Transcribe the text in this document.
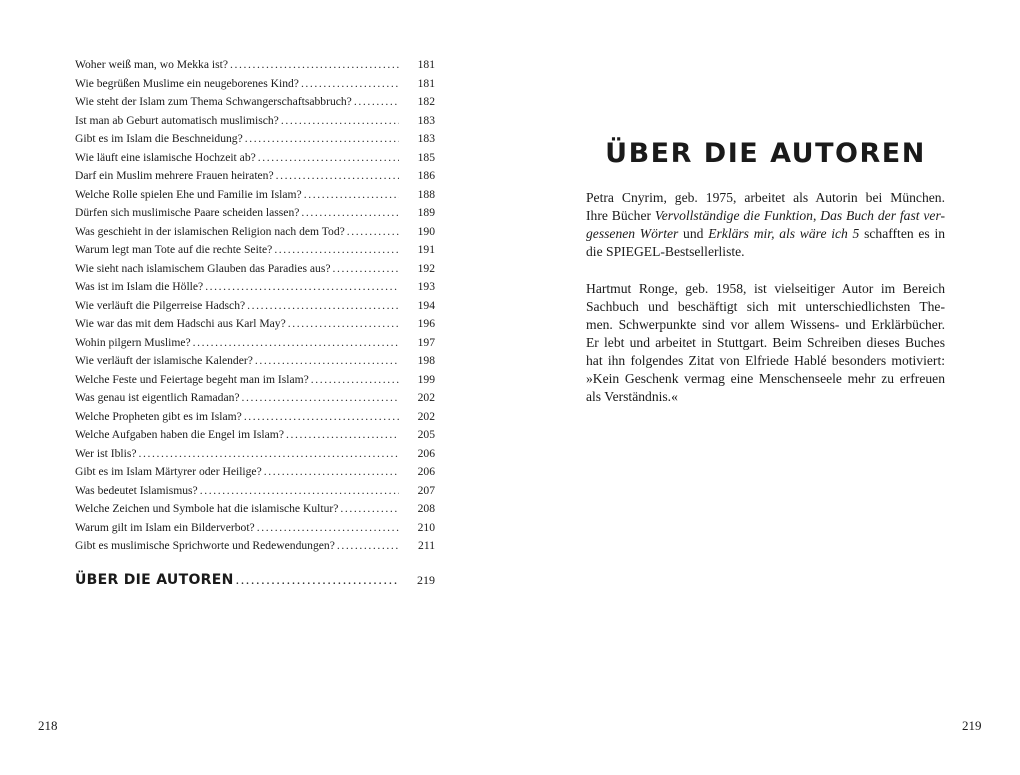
Woher weiß man, wo Mekka ist? .....	181
Wie begrüßen Muslime ein neugeborenes Kind? .....	181
Wie steht der Islam zum Thema Schwangerschaftsabbruch? .....	182
Ist man ab Geburt automatisch muslimisch? .....	183
Gibt es im Islam die Beschneidung? .....	183
Wie läuft eine islamische Hochzeit ab? .....	185
Darf ein Muslim mehrere Frauen heiraten? .....	186
Welche Rolle spielen Ehe und Familie im Islam? .....	188
Dürfen sich muslimische Paare scheiden lassen? .....	189
Was geschieht in der islamischen Religion nach dem Tod? .....	190
Warum legt man Tote auf die rechte Seite? .....	191
Wie sieht nach islamischem Glauben das Paradies aus? .....	192
Was ist im Islam die Hölle? .....	193
Wie verläuft die Pilgerreise Hadsch? .....	194
Wie war das mit dem Hadschi aus Karl May? .....	196
Wohin pilgern Muslime? .....	197
Wie verläuft der islamische Kalender? .....	198
Welche Feste und Feiertage begeht man im Islam? .....	199
Was genau ist eigentlich Ramadan? .....	202
Welche Propheten gibt es im Islam? .....	202
Welche Aufgaben haben die Engel im Islam? .....	205
Wer ist Iblis? .....	206
Gibt es im Islam Märtyrer oder Heilige? .....	206
Was bedeutet Islamismus? .....	207
Welche Zeichen und Symbole hat die islamische Kultur? .....	208
Warum gilt im Islam ein Bilderverbot? .....	210
Gibt es muslimische Sprichworte und Redewendungen? .....	211
ÜBER DIE AUTOREN .....	219
ÜBER DIE AUTOREN
Petra Cnyrim, geb. 1975, arbeitet als Autorin bei München.
Ihre Bücher Vervollständige die Funktion, Das Buch der fast ver-
gessenen Wörter und Erklärs mir, als wäre ich 5 schafften es in
die SPIEGEL-Bestsellerliste.
Hartmut Ronge, geb. 1958, ist vielseitiger Autor im Bereich
Sachbuch und beschäftigt sich mit unterschiedlichsten The-
men. Schwerpunkte sind vor allem Wissens- und Erklärbücher.
Er lebt und arbeitet in Stuttgart. Beim Schreiben dieses Buches
hat ihn folgendes Zitat von Elfriede Hablé besonders motiviert:
»Kein Geschenk vermag eine Menschenseele mehr zu erfreuen
als Verständnis.«
218	219
